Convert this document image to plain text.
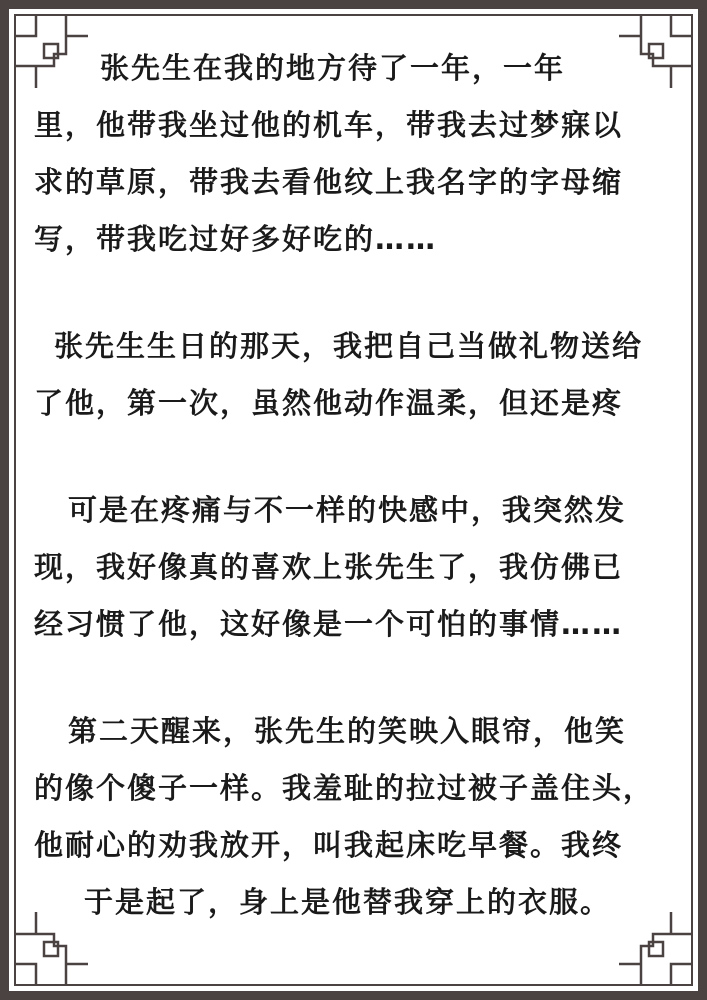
张先生在我的地方待了一年，一年
里，他带我坐过他的机车，带我去过梦寐以
求的草原，带我去看他纹上我名字的字母缩
写，带我吃过好多好吃的……
张先生生日的那天，我把自己当做礼物送给
了他，第一次，虽然他动作温柔，但还是疼
可是在疼痛与不一样的快感中，我突然发
现，我好像真的喜欢上张先生了，我仿佛已
经习惯了他，这好像是一个可怕的事情……
第二天醒来，张先生的笑映入眼帘，他笑
的像个傻子一样。我羞耻的拉过被子盖住头，
他耐心的劝我放开，叫我起床吃早餐。我终
于是起了，身上是他替我穿上的衣服。
